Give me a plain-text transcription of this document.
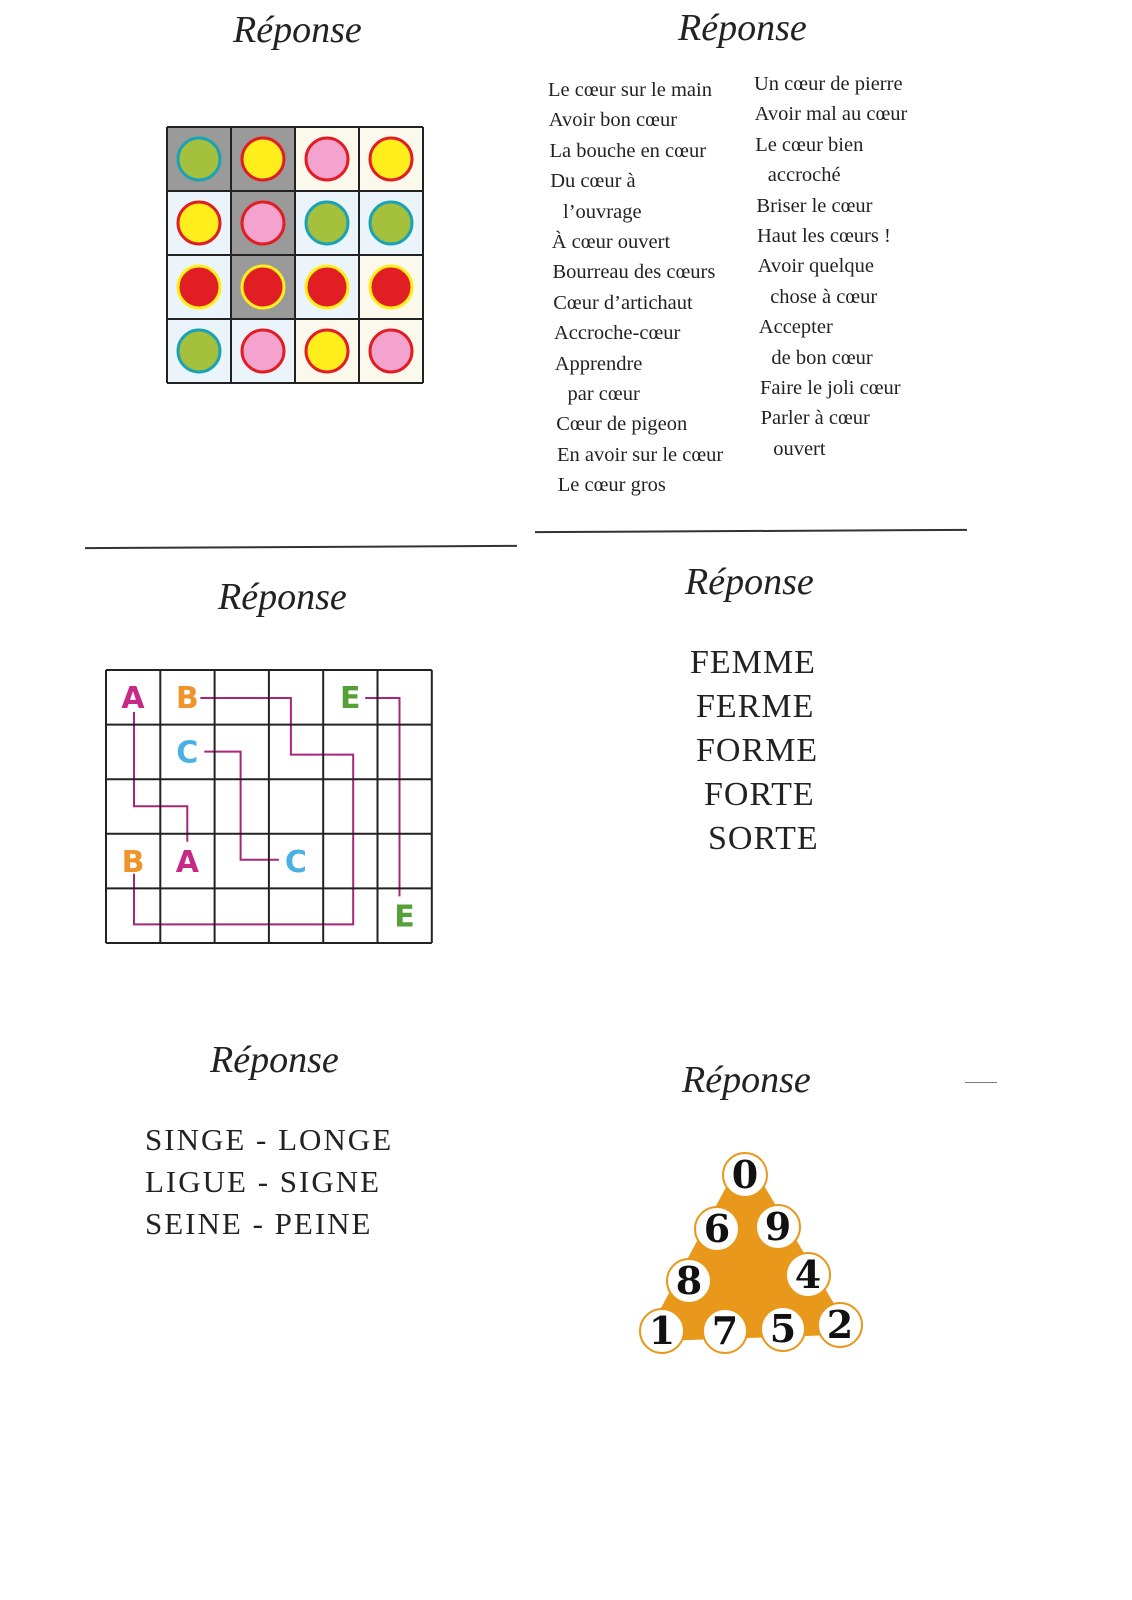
Réponse	Réponse
Le cœur sur le main
Avoir bon cœur
La bouche en cœur
Du cœur à
l’ouvrage
À cœur ouvert
Bourreau des cœurs
Cœur d’artichaut
Accroche-cœur
Apprendre
par cœur
Cœur de pigeon
En avoir sur le cœur
Le cœur gros
Un cœur de pierre
Avoir mal au cœur
Le cœur bien
accroché
Briser le cœur
Haut les cœurs !
Avoir quelque
chose à cœur
Accepter
de bon cœur
Faire le joli cœur
Parler à cœur
ouvert
Réponse
A B	E
C
B A	C
E
Réponse
FEMME
FERME
FORME
FORTE
SORTE
Réponse
SINGE - LONGE
LIGUE - SIGNE
SEINE - PEINE
Réponse
0
6 9
8 4
1 7 5 2
